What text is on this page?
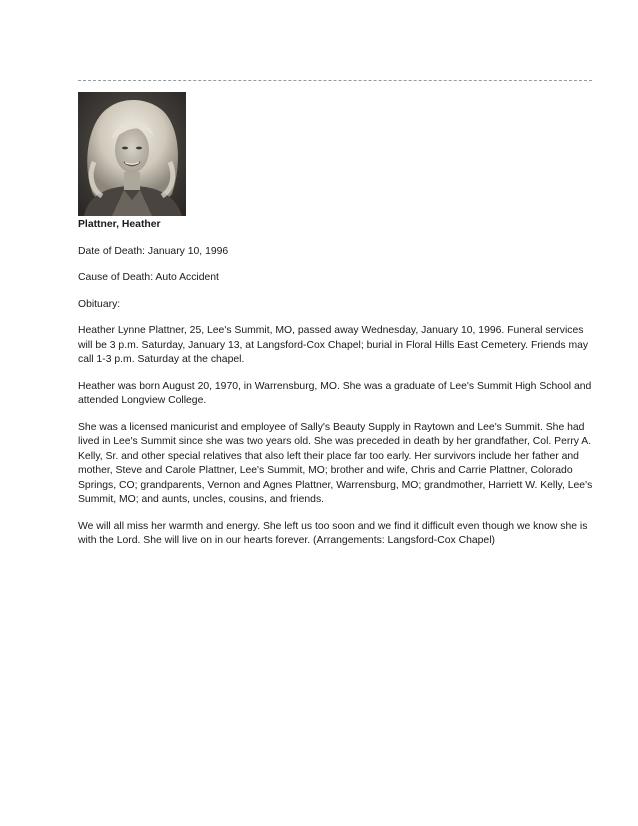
Plattner, Heather

Date of Death: January 10, 1996

Cause of Death: Auto Accident

Obituary:

Heather Lynne Plattner, 25, Lee's Summit, MO, passed away Wednesday, January 10, 1996. Funeral services will be 3 p.m. Saturday, January 13, at Langsford-Cox Chapel; burial in Floral Hills East Cemetery. Friends may call 1-3 p.m. Saturday at the chapel.

Heather was born August 20, 1970, in Warrensburg, MO. She was a graduate of Lee's Summit High School and attended Longview College.

She was a licensed manicurist and employee of Sally's Beauty Supply in Raytown and Lee's Summit. She had lived in Lee's Summit since she was two years old. She was preceded in death by her grandfather, Col. Perry A. Kelly, Sr. and other special relatives that also left their place far too early. Her survivors include her father and mother, Steve and Carole Plattner, Lee's Summit, MO; brother and wife, Chris and Carrie Plattner, Colorado Springs, CO; grandparents, Vernon and Agnes Plattner, Warrensburg, MO; grandmother, Harriett W. Kelly, Lee's Summit, MO; and aunts, uncles, cousins, and friends.

We will all miss her warmth and energy. She left us too soon and we find it difficult even though we know she is with the Lord. She will live on in our hearts forever. (Arrangements: Langsford-Cox Chapel)
